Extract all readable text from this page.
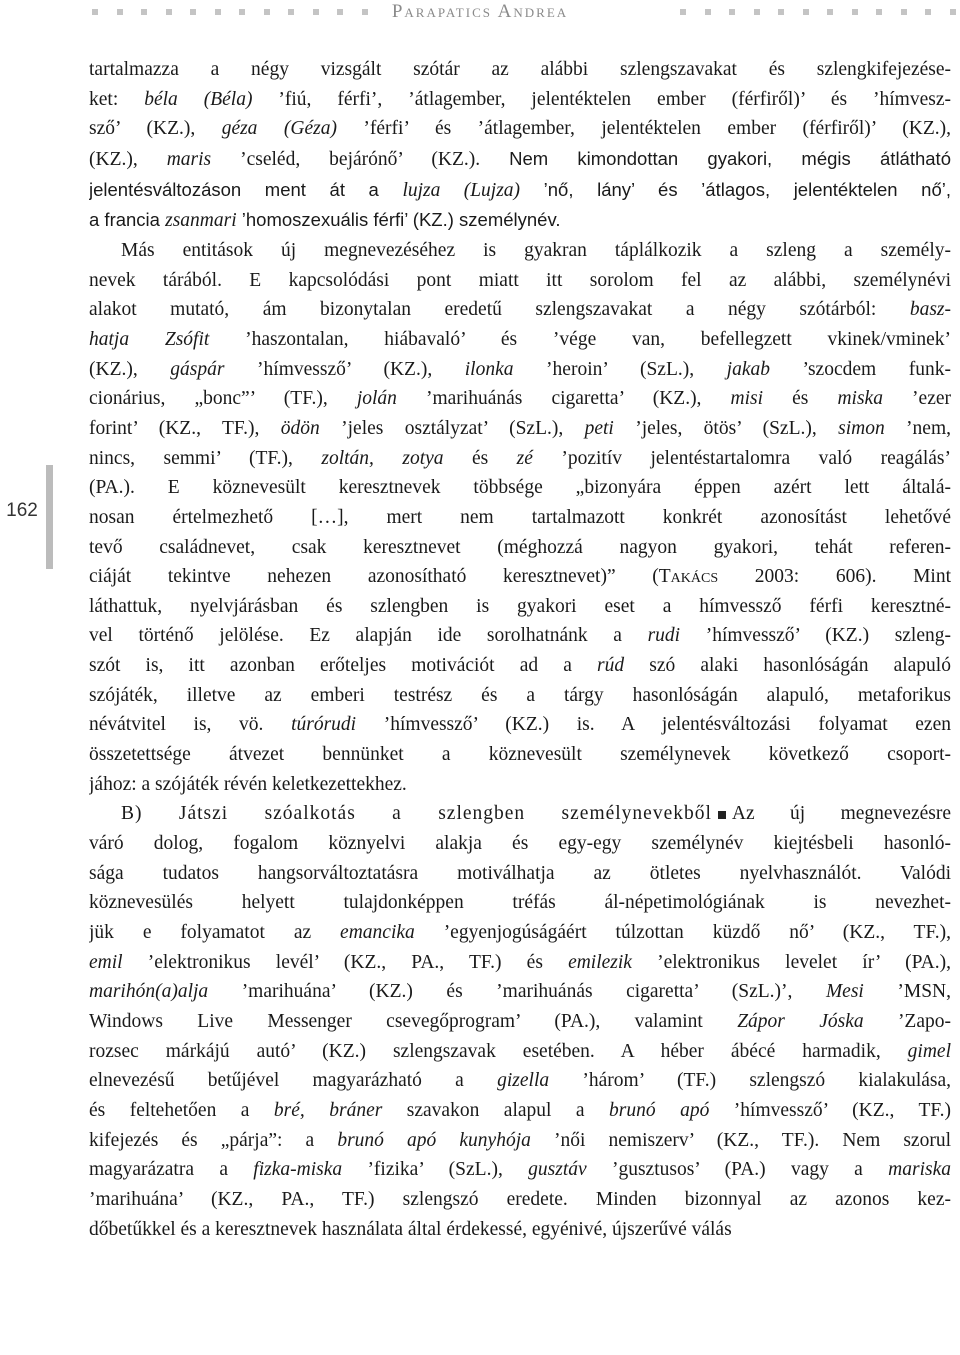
Parapatics Andrea
162

tartalmazza a négy vizsgált szótár az alábbi szlengszavakat és szlengkifejezése-
ket: béla (Béla) ’fiú, férfi’, ’átlagember, jelentéktelen ember (férfiről)’ és ’hímvesz-
sző’ (KZ.), géza (Géza) ’férfi’ és ’átlagember, jelentéktelen ember (férfiről)’ (KZ.),
(KZ.), maris ’cseléd, bejárónő’ (KZ.). Nem kimondottan gyakori, mégis átlátható
jelentésváltozáson ment át a lujza (Lujza) ’nő, lány’ és ’átlagos, jelentéktelen nő’,
a francia zsanmari ’homoszexuális férfi’ (KZ.) személynév.

Más entitások új megnevezéséhez is gyakran táplálkozik a szleng a személy-
nevek tárából. E kapcsolódási pont miatt itt sorolom fel az alábbi, személynévi
alakot mutató, ám bizonytalan eredetű szlengszavakat a négy szótárból: basz-
hatja Zsófit ’haszontalan, hiábavaló’ és ’vége van, befellegzett vkinek/vminek’
(KZ.), gáspár ’hímvessző’ (KZ.), ilonka ’heroin’ (SzL.), jakab ’szocdem funk-
cionárius, „bonc”’ (TF.), jolán ’marihuánás cigaretta’ (KZ.), misi és miska ’ezer
forint’ (KZ., TF.), ödön ’jeles osztályzat’ (SzL.), peti ’jeles, ötös’ (SzL.), simon ’nem,
nincs, semmi’ (TF.), zoltán, zotya és zé ’pozitív jelentéstartalomra való reagálás’
(PA.). E köznevesült keresztnevek többsége „bizonyára éppen azért lett általá-
nosan értelmezhető […], mert nem tartalmazott konkrét azonosítást lehetővé
tevő családnevet, csak keresztnevet (méghozzá nagyon gyakori, tehát referen-
ciáját tekintve nehezen azonosítható keresztnevet)” (Takács 2003: 606). Mint
láthattuk, nyelvjárásban és szlengben is gyakori eset a hímvessző férfi keresztné-
vel történő jelölése. Ez alapján ide sorolhatnánk a rudi ’hímvessző’ (KZ.) szleng-
szót is, itt azonban erőteljes motivációt ad a rúd szó alaki hasonlóságán alapuló
szójáték, illetve az emberi testrész és a tárgy hasonlóságán alapuló, metaforikus
névátvitel is, vö. túrórudi ’hímvessző’ (KZ.) is. A jelentésváltozási folyamat ezen
összetettsége átvezet bennünket a köznevesült személynevek következő csoport-
jához: a szójáték révén keletkezettekhez.

B) Játszi szóalkotás a szlengben személynevekből Az új megnevezésre
váró dolog, fogalom köznyelvi alakja és egy-egy személynév kiejtésbeli hasonló-
sága tudatos hangsorváltoztatásra motiválhatja az ötletes nyelvhasználót. Valódi
köznevesülés helyett tulajdonképpen tréfás ál-népetimológiának is nevezhet-
jük e folyamatot az emancika ’egyenjogúságáért túlzottan küzdő nő’ (KZ., TF.),
emil ’elektronikus levél’ (KZ., PA., TF.) és emilezik ’elektronikus levelet ír’ (PA.),
marihón(a)alja ’marihuána’ (KZ.) és ’marihuánás cigaretta’ (SzL.)’, Mesi ’MSN,
Windows Live Messenger csevegőprogram’ (PA.), valamint Zápor Jóska ’Zapo-
rozsec márkájú autó’ (KZ.) szlengszavak esetében. A héber ábécé harmadik, gimel
elnevezésű betűjével magyarázható a gizella ’három’ (TF.) szlengszó kialakulása,
és feltehetően a bré, bráner szavakon alapul a brunó apó ’hímvessző’ (KZ., TF.)
kifejezés és „párja”: a brunó apó kunyhója ’női nemiszerv’ (KZ., TF.). Nem szorul
magyarázatra a fizka-miska ’fizika’ (SzL.), gusztáv ’gusztusos’ (PA.) vagy a mariska
’marihuána’ (KZ., PA., TF.) szlengszó eredete. Minden bizonnyal az azonos kez-
dőbetűkkel és a keresztnevek használata által érdekessé, egyénivé, újszerűvé válás
